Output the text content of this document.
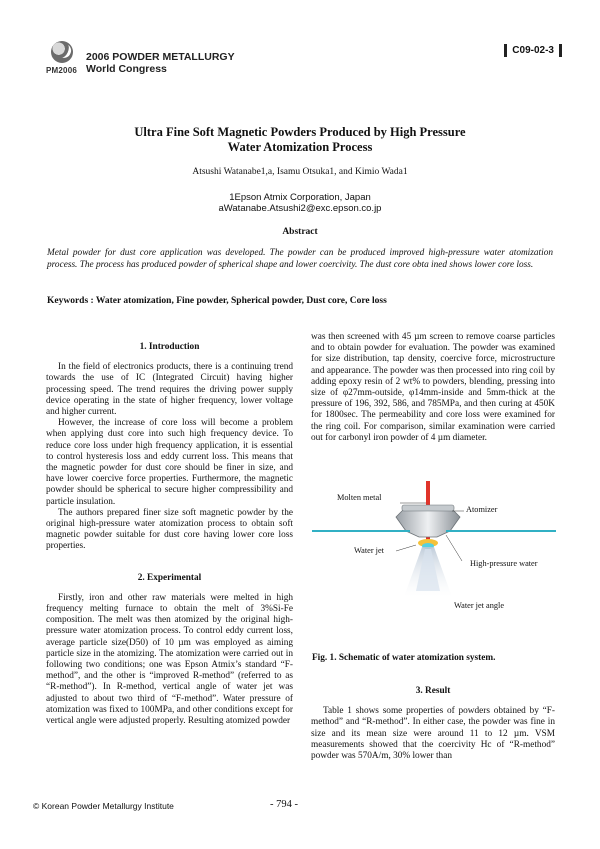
PM2006
2006 POWDER METALLURGY
World Congress
C09-02-3
Ultra Fine Soft Magnetic Powders Produced by High Pressure
Water Atomization Process
Atsushi Watanabe1,a, Isamu Otsuka1, and Kimio Wada1
1Epson Atmix Corporation, Japan
aWatanabe.Atsushi2@exc.epson.co.jp
Abstract
Metal powder for dust core application was developed. The powder can be produced improved high-pressure water atomization process. The process has produced powder of spherical shape and lower coercivity. The dust core obta ined shows lower core loss.
Keywords : Water atomization, Fine powder, Spherical powder, Dust core, Core loss
1. Introduction

In the field of electronics products, there is a continuing trend towards the use of IC (Integrated Circuit) having higher processing speed. The trend requires the driving power supply device operating in the state of higher frequency, lower voltage and higher current.

However, the increase of core loss will become a problem when applying dust core into such high frequency device. To reduce core loss under high frequency application, it is essential to control hysteresis loss and eddy current loss. This means that the magnetic powder for dust core should be finer in size, and have lower coercive force properties. Furthermore, the magnetic powder should be spherical to secure higher compressibility and particle insulation.

The authors prepared finer size soft magnetic powder by the original high-pressure water atomization process to obtain soft magnetic powder suitable for dust core having lower core loss properties.

2. Experimental

Firstly, iron and other raw materials were melted in high frequency melting furnace to obtain the melt of 3%Si-Fe composition. The melt was then atomized by the original high-pressure water atomization process. To control eddy current loss, average particle size(D50) of 10 µm was employed as aiming particle size in the atomizing. The atomization were carried out in following two conditions; one was Epson Atmix’s standard “F-method”, and the other is “improved R-method” (referred to as “R-method”). In R-method, vertical angle of water jet was adjusted to about two third of “F-method”. Water pressure of atomization was fixed to 100MPa, and other conditions except for vertical angle were adjusted properly. Resulting atomized powder

was then screened with 45 µm screen to remove coarse particles and to obtain powder for evaluation. The powder was examined for size distribution, tap density, coercive force, microstructure and appearance. The powder was then processed into ring coil by adding epoxy resin of 2 wt% to powders, blending, pressing into size of φ27mm-outside, φ14mm-inside and 5mm-thick at the pressure of 196, 392, 586, and 785MPa, and then curing at 450K for 1800sec. The permeability and core loss were examined for the ring coil. For comparison, similar examination were carried out for carbonyl iron powder of 4 µm diameter.

Molten metal
Atomizer
Water jet
High-pressure water
Water jet angle
Fig. 1. Schematic of water atomization system.
3. Result

Table 1 shows some properties of powders obtained by “F-method” and “R-method”. In either case, the powder was fine in size and its mean size were around 11 to 12 µm. VSM measurements showed that the coercivity Hc of “R-method” powder was 570A/m, 30% lower than

© Korean Powder Metallurgy Institute	- 794 -
